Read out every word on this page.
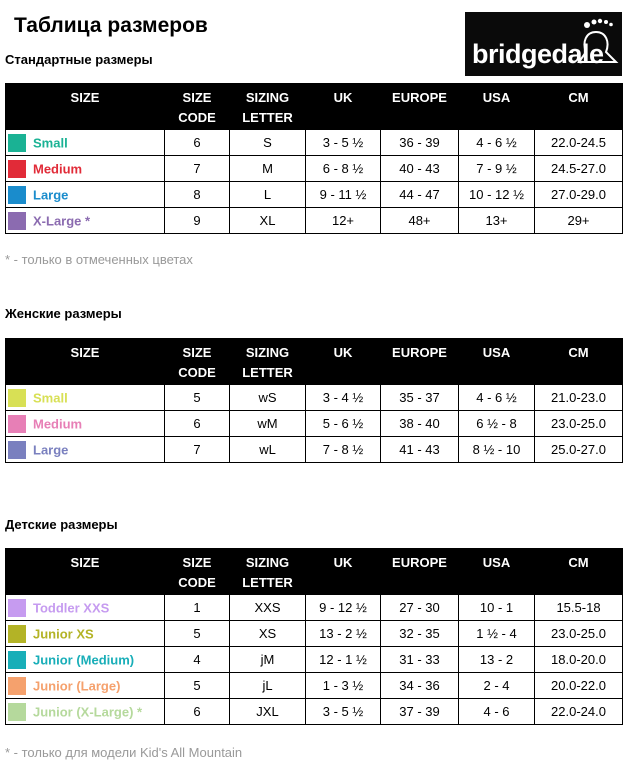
Таблица размеров
bridgedale
Стандартные размеры
SIZE	SIZE CODE	SIZING LETTER	UK	EUROPE	USA	CM
Small	6	S	3 - 5 ½	36 - 39	4 - 6 ½	22.0-24.5
Medium	7	M	6 - 8 ½	40 - 43	7 - 9 ½	24.5-27.0
Large	8	L	9 - 11 ½	44 - 47	10 - 12 ½	27.0-29.0
X-Large *	9	XL	12+	48+	13+	29+
* - только в отмеченных цветах
Женские размеры
SIZE	SIZE CODE	SIZING LETTER	UK	EUROPE	USA	CM
Small	5	wS	3 - 4 ½	35 - 37	4 - 6 ½	21.0-23.0
Medium	6	wM	5 - 6 ½	38 - 40	6 ½ - 8	23.0-25.0
Large	7	wL	7 - 8 ½	41 - 43	8 ½ - 10	25.0-27.0
Детские размеры
SIZE	SIZE CODE	SIZING LETTER	UK	EUROPE	USA	CM
Toddler XXS	1	XXS	9 - 12 ½	27 - 30	10 - 1	15.5-18
Junior XS	5	XS	13 - 2 ½	32 - 35	1 ½ - 4	23.0-25.0
Junior (Medium)	4	jM	12 - 1 ½	31 - 33	13 - 2	18.0-20.0
Junior (Large)	5	jL	1 - 3 ½	34 - 36	2 - 4	20.0-22.0
Junior (X-Large) *	6	JXL	3 - 5 ½	37 - 39	4 - 6	22.0-24.0
* - только для модели Kid's All Mountain
